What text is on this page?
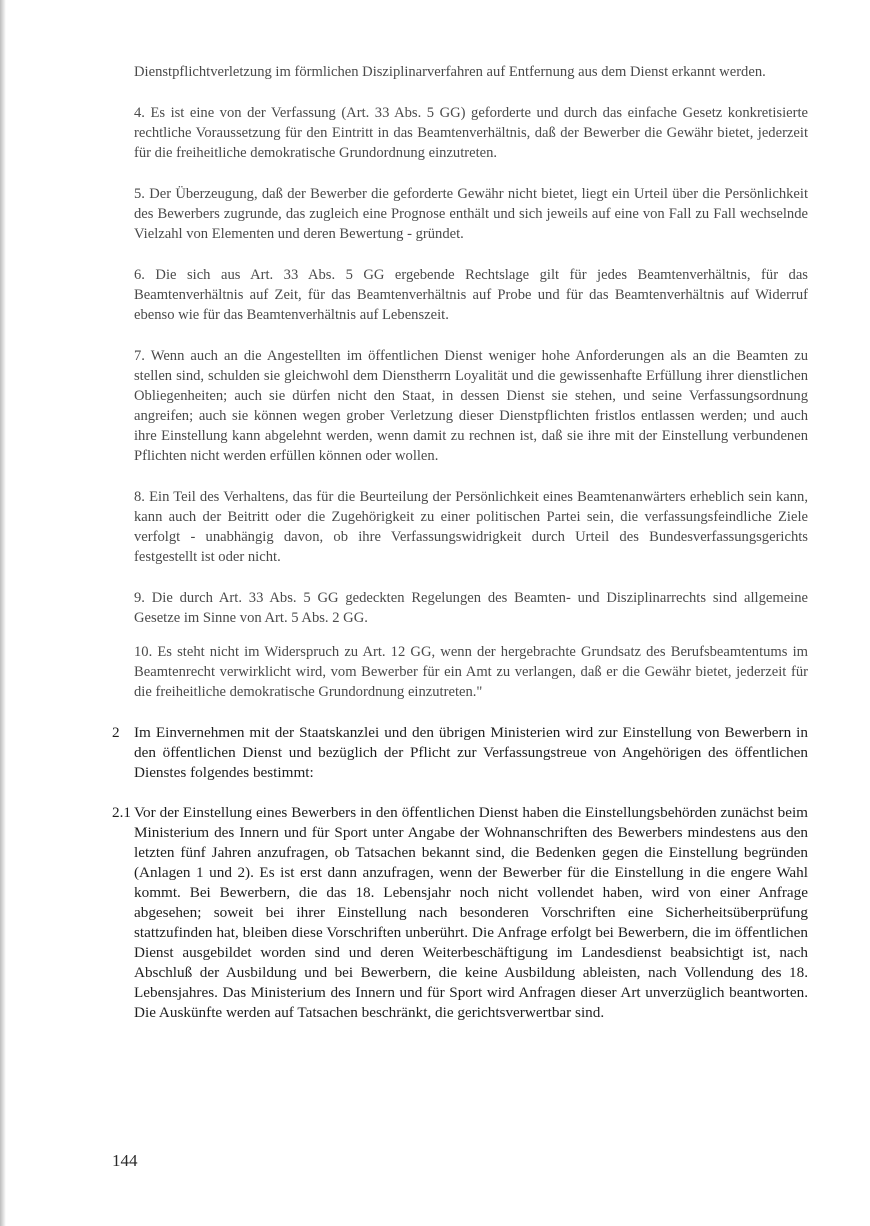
Dienstpflichtverletzung im förmlichen Disziplinarverfahren auf Entfernung aus dem Dienst erkannt werden.

4. Es ist eine von der Verfassung (Art. 33 Abs. 5 GG) geforderte und durch das einfache Gesetz konkretisierte rechtliche Voraussetzung für den Eintritt in das Beamtenverhältnis, daß der Bewerber die Gewähr bietet, jederzeit für die freiheitliche demokratische Grundordnung einzutreten.

5. Der Überzeugung, daß der Bewerber die geforderte Gewähr nicht bietet, liegt ein Urteil über die Persönlichkeit des Bewerbers zugrunde, das zugleich eine Prognose enthält und sich jeweils auf eine von Fall zu Fall wechselnde Vielzahl von Elementen und deren Bewertung - gründet.

6. Die sich aus Art. 33 Abs. 5 GG ergebende Rechtslage gilt für jedes Beamtenverhältnis, für das Beamtenverhältnis auf Zeit, für das Beamtenverhältnis auf Probe und für das Beamtenverhältnis auf Widerruf ebenso wie für das Beamtenverhältnis auf Lebenszeit.

7. Wenn auch an die Angestellten im öffentlichen Dienst weniger hohe Anforderungen als an die Beamten zu stellen sind, schulden sie gleichwohl dem Dienstherrn Loyalität und die gewissenhafte Erfüllung ihrer dienstlichen Obliegenheiten; auch sie dürfen nicht den Staat, in dessen Dienst sie stehen, und seine Verfassungsordnung angreifen; auch sie können wegen grober Verletzung dieser Dienstpflichten fristlos entlassen werden; und auch ihre Einstellung kann abgelehnt werden, wenn damit zu rechnen ist, daß sie ihre mit der Einstellung verbundenen Pflichten nicht werden erfüllen können oder wollen.

8. Ein Teil des Verhaltens, das für die Beurteilung der Persönlichkeit eines Beamtenanwärters erheblich sein kann, kann auch der Beitritt oder die Zugehörigkeit zu einer politischen Partei sein, die verfassungsfeindliche Ziele verfolgt - unabhängig davon, ob ihre Verfassungswidrigkeit durch Urteil des Bundesverfassungsgerichts festgestellt ist oder nicht.

9. Die durch Art. 33 Abs. 5 GG gedeckten Regelungen des Beamten- und Disziplinarrechts sind allgemeine Gesetze im Sinne von Art. 5 Abs. 2 GG.

10. Es steht nicht im Widerspruch zu Art. 12 GG, wenn der hergebrachte Grundsatz des Berufsbeamtentums im Beamtenrecht verwirklicht wird, vom Bewerber für ein Amt zu verlangen, daß er die Gewähr bietet, jederzeit für die freiheitliche demokratische Grundordnung einzutreten."

2 Im Einvernehmen mit der Staatskanzlei und den übrigen Ministerien wird zur Einstellung von Bewerbern in den öffentlichen Dienst und bezüglich der Pflicht zur Verfassungstreue von Angehörigen des öffentlichen Dienstes folgendes bestimmt:
2.1 Vor der Einstellung eines Bewerbers in den öffentlichen Dienst haben die Einstellungsbehörden zunächst beim Ministerium des Innern und für Sport unter Angabe der Wohnanschriften des Bewerbers mindestens aus den letzten fünf Jahren anzufragen, ob Tatsachen bekannt sind, die Bedenken gegen die Einstellung begründen (Anlagen 1 und 2). Es ist erst dann anzufragen, wenn der Bewerber für die Einstellung in die engere Wahl kommt. Bei Bewerbern, die das 18. Lebensjahr noch nicht vollendet haben, wird von einer Anfrage abgesehen; soweit bei ihrer Einstellung nach besonderen Vorschriften eine Sicherheitsüberprüfung stattzufinden hat, bleiben diese Vorschriften unberührt. Die Anfrage erfolgt bei Bewerbern, die im öffentlichen Dienst ausgebildet worden sind und deren Weiterbeschäftigung im Landesdienst beabsichtigt ist, nach Abschluß der Ausbildung und bei Bewerbern, die keine Ausbildung ableisten, nach Vollendung des 18. Lebensjahres. Das Ministerium des Innern und für Sport wird Anfragen dieser Art unverzüglich beantworten. Die Auskünfte werden auf Tatsachen beschränkt, die gerichtsverwertbar sind.
144
